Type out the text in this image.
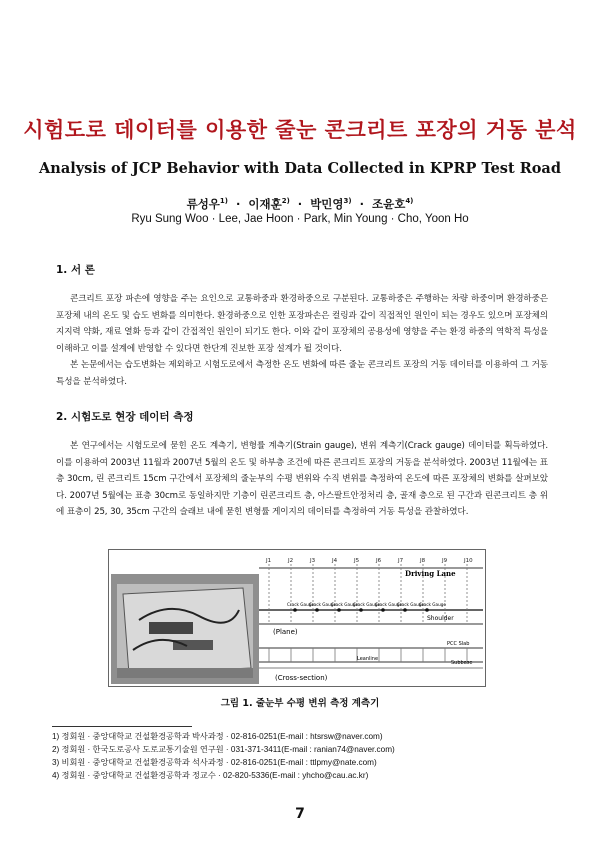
시험도로 데이터를 이용한 줄눈 콘크리트 포장의 거동 분석
Analysis of JCP Behavior with Data Collected in KPRP Test Road
류성우$^{1)}$  ·  이재훈$^{2)}$  ·  박민영$^{3)}$  ·  조윤호$^{4)}$
Ryu Sung Woo · Lee, Jae Hoon · Park, Min Young · Cho, Yoon Ho
1. 서 론

콘크리트 포장 파손에 영향을 주는 요인으로 교통하중과 환경하중으로 구분된다. 교통하중은 주행하는 차량 하중이며 환경하중은 포장체 내의 온도 및 습도 변화를 의미한다. 환경하중으로 인한 포장파손은 컬링과 같이 직접적인 원인이 되는 경우도 있으며 포장체의 지지력 약화, 재료 열화 등과 같이 간접적인 원인이 되기도 한다. 이와 같이 포장체의 공용성에 영향을 주는 환경 하중의 역학적 특성을 이해하고 이를 설계에 반영할 수 있다면 한단계 진보한 포장 설계가 될 것이다.

본 논문에서는 습도변화는 제외하고 시험도로에서 측정한 온도 변화에 따른 줄눈 콘크리트 포장의 거동 데이터를 이용하여 그 거동 특성을 분석하였다.

2. 시험도로 현장 데이터 측정

본 연구에서는 시험도로에 묻힌 온도 계측기, 변형률 계측기(Strain gauge), 변위 계측기(Crack gauge) 데이터를 획득하였다. 이를 이용하여 2003년 11월과 2007년 5월의 온도 및 하부층 조건에 따른 콘크리트 포장의 거동을 분석하였다. 2003년 11월에는 표층 30cm, 린 콘크리트 15cm 구간에서 포장체의 줄눈부의 수평 변위와 수직 변위를 측정하여 온도에 따른 포장체의 변화를 살펴보았다. 2007년 5월에는 표층 30cm로 동일하지만 기층이 린콘크리트 층, 아스팔트안정처리 층, 골재 층으로 된 구간과 린콘크리트 층 위에 표층이 25, 30, 35cm 구간의 슬래브 내에 묻힌 변형률 게이지의 데이터를 측정하여 거동 특성을 관찰하였다.

J1	J2	J3	J4	J5	J6	J7	J8	J9	J10
Driving Lane
Crack Gauge
Crack Gauge
Crack Gauge
Crack Gauge
Crack Gauge
Crack Gauge
Crack Gauge
Shoulder
(Plane)
PCC Slab
Subbase
Leanline
(Cross-section)
그림 1. 줄눈부 수평 변위 측정 계측기
1) 정회원 · 중앙대학교 건설환경공학과 박사과정 · 02-816-0251(E-mail : htsrsw@naver.com)
2) 정회원 · 한국도로공사 도로교통기술원 연구원 · 031-371-3411(E-mail : ranian74@naver.com)
3) 비회원 · 중앙대학교 건설환경공학과 석사과정 · 02-816-0251(E-mail : ttlpmy@nate.com)
4) 정회원 · 중앙대학교 건설환경공학과 정교수 · 02-820-5336(E-mail : yhcho@cau.ac.kr)
7
